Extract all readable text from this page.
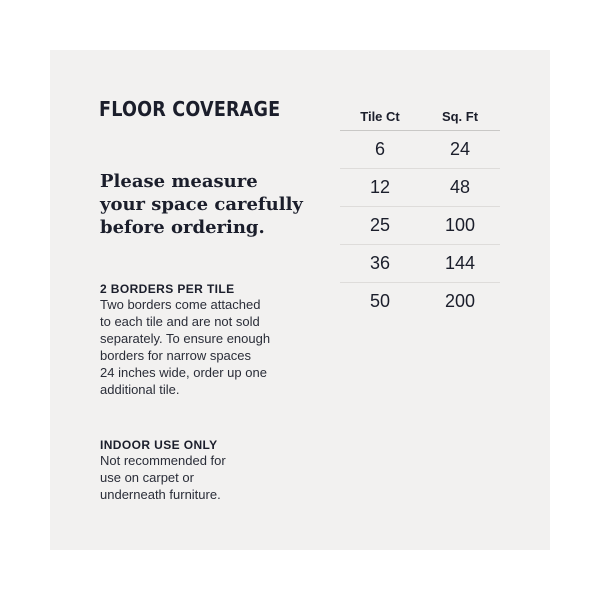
FLOOR COVERAGE
Please measure
your space carefully
before ordering.
2 BORDERS PER TILE
Two borders come attached
to each tile and are not sold
separately. To ensure enough
borders for narrow spaces
24 inches wide, order up one
additional tile.
INDOOR USE ONLY
Not recommended for
use on carpet or
underneath furniture.
Tile Ct	Sq. Ft
6	24
12	48
25	100
36	144
50	200
